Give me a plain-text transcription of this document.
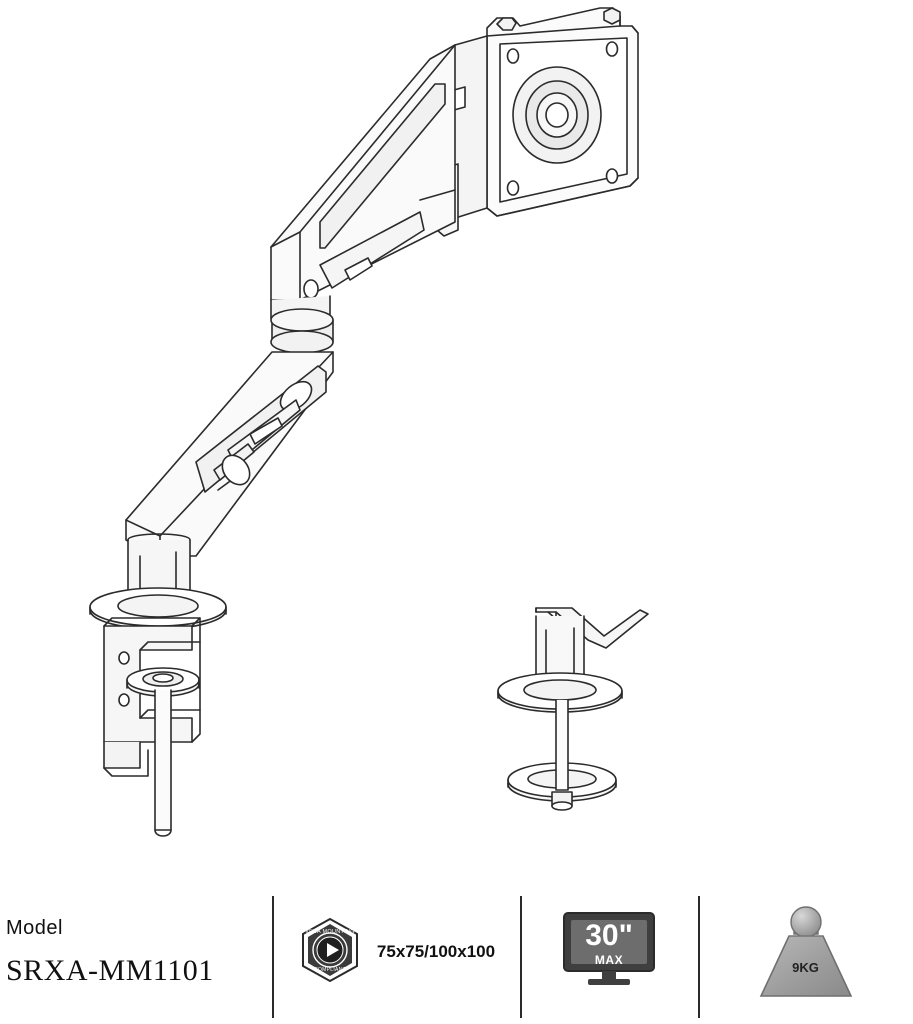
Model
SRXA-MM1101
VESA MOUNTING
COMPLIANT
75x75/100x100	30"
MAX	9KG
